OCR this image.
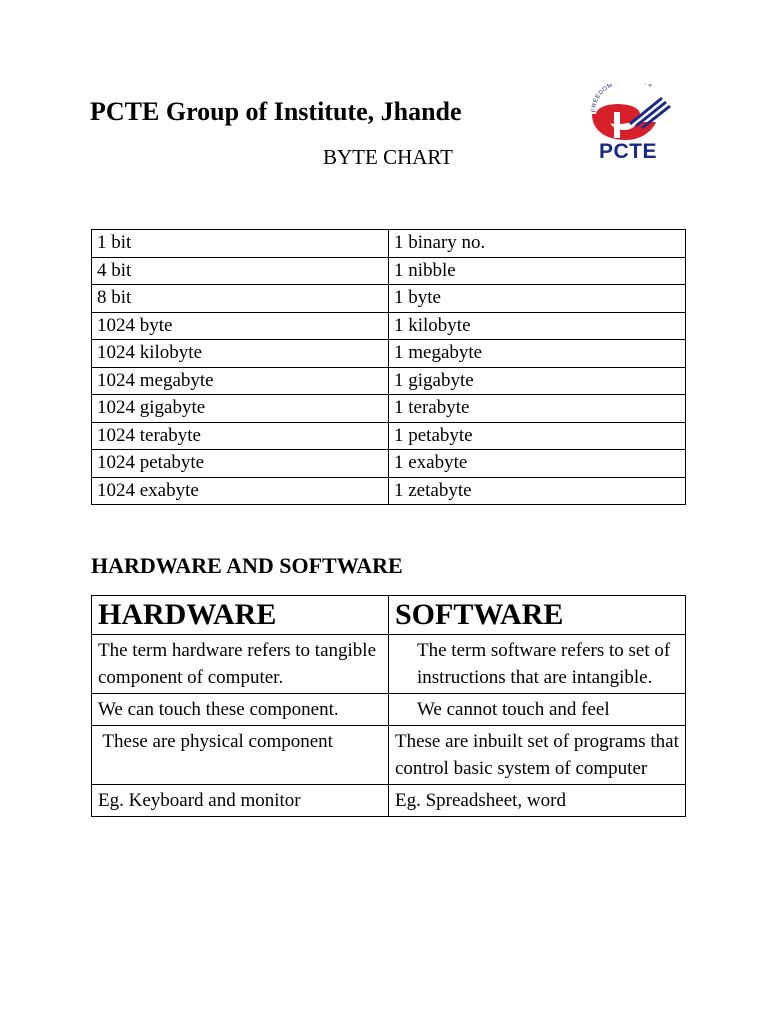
PCTE Group of Institute, Jhande
BYTE CHART
FREEDOM E
PCTE
1 bit	1 binary no.
4 bit	1 nibble
8 bit	1 byte
1024 byte	1 kilobyte
1024 kilobyte	1 megabyte
1024 megabyte	1 gigabyte
1024 gigabyte	1 terabyte
1024 terabyte	1 petabyte
1024 petabyte	1 exabyte
1024 exabyte	1 zetabyte
HARDWARE AND SOFTWARE
HARDWARE	SOFTWARE
The term hardware refers to tangible component of computer.	The term software refers to set of instructions that are intangible.
We can touch these component.	We cannot touch and feel
These are physical component	These are inbuilt set of programs that control basic system of computer
Eg. Keyboard and monitor	Eg. Spreadsheet, word
